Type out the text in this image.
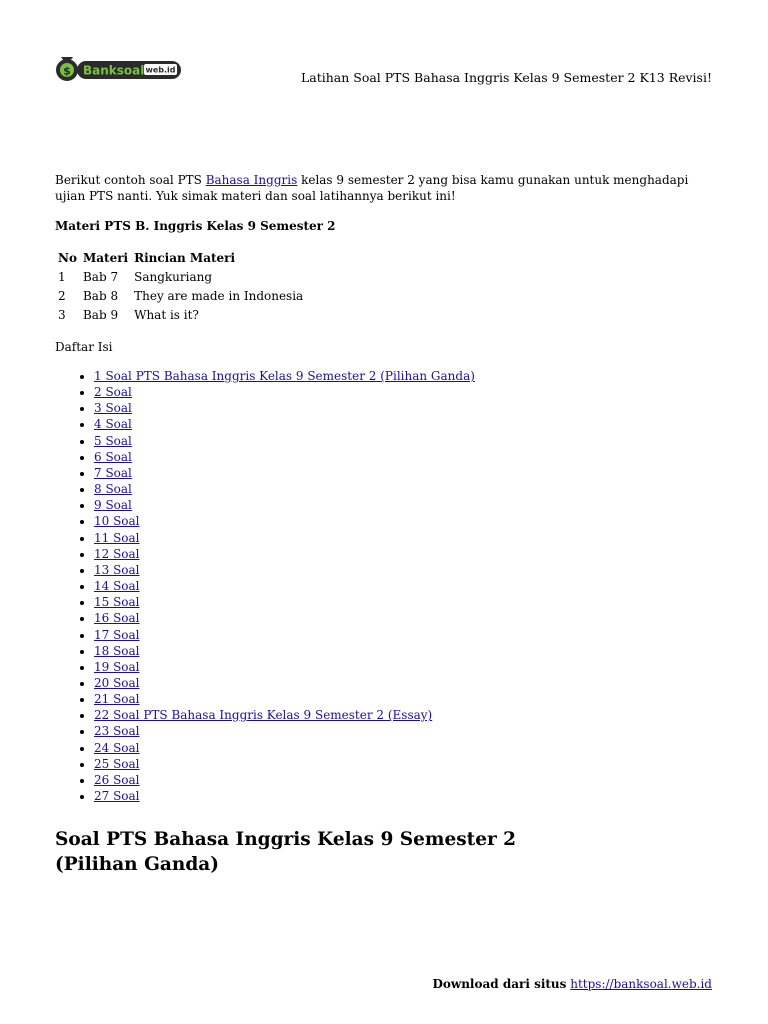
$ Banksoal web.id	Latihan Soal PTS Bahasa Inggris Kelas 9 Semester 2 K13 Revisi!
Berikut contoh soal PTS Bahasa Inggris kelas 9 semester 2 yang bisa kamu gunakan untuk menghadapi ujian PTS nanti. Yuk simak materi dan soal latihannya berikut ini!
Materi PTS B. Inggris Kelas 9 Semester 2
No	Materi	Rincian Materi
1	Bab 7	Sangkuriang
2	Bab 8	They are made in Indonesia
3	Bab 9	What is it?
Daftar Isi
• 1 Soal PTS Bahasa Inggris Kelas 9 Semester 2 (Pilihan Ganda)
• 2 Soal
• 3 Soal
• 4 Soal
• 5 Soal
• 6 Soal
• 7 Soal
• 8 Soal
• 9 Soal
• 10 Soal
• 11 Soal
• 12 Soal
• 13 Soal
• 14 Soal
• 15 Soal
• 16 Soal
• 17 Soal
• 18 Soal
• 19 Soal
• 20 Soal
• 21 Soal
• 22 Soal PTS Bahasa Inggris Kelas 9 Semester 2 (Essay)
• 23 Soal
• 24 Soal
• 25 Soal
• 26 Soal
• 27 Soal
Soal PTS Bahasa Inggris Kelas 9 Semester 2
(Pilihan Ganda)
Download dari situs https://banksoal.web.id
